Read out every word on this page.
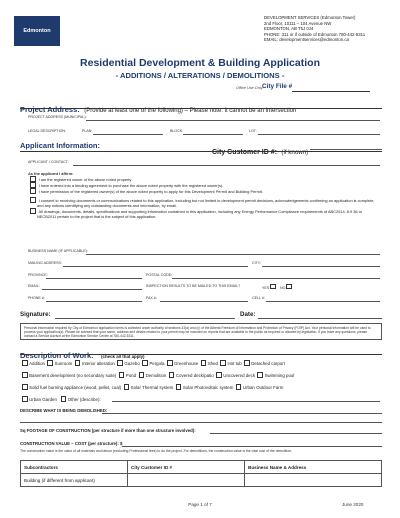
Edmonton
DEVELOPMENT SERVICES (Edmonton Tower)
2nd Floor, 10111 – 104 Avenue NW
EDMONTON, AB T5J 0J4
PHONE: 311 or if outside of Edmonton 780-442-5311
EMAIL: developmentservices@edmonton.ca
Residential Development & Building Application
- ADDITIONS / ALTERATIONS / DEMOLITIONS -
Office Use Only:
City File #
Project Address: (Provide at least one of the following) – Please note: it cannot be an intersection
PROJECT ADDRESS (MUNICIPAL):
LEGAL DESCRIPTION:	PLAN:	BLOCK:	LOT:
Applicant Information:
City Customer ID #: (if known)
APPLICANT / CONTACT:
As the applicant I affirm:
I am the registered owner of the above noted property
I have entered into a binding agreement to purchase the above noted property with the registered owner(s).
I have permission of the registered owner(s) of the above noted property to apply for this Development Permit and Building Permit.
I consent to receiving documents or communications related to this application, including but not limited to development permit decisions, acknowledgements confirming an application is complete, and any notices identifying any outstanding documents and information, by email.
All drawings, documents, details, specifications and supporting information contained in this application, including any Energy Performance Compliance requirements of ABC2014: 8.9.36 or NECB2011 pertain to the project that is the subject of this application.
BUSINESS NAME (IF APPLICABLE):
MAILING ADDRESS:	CITY:
PROVINCE:	POSTAL CODE:
EMAIL:	INSPECTION RESULTS TO BE MAILED TO THIS EMAIL?	YES	NO
PHONE #:	FAX #:	CELL #:
Signature:	Date:
Personal information required by City of Edmonton application forms is collected under authority of sections 33(a) and (c) of the Alberta Freedom of Information and Protection of Privacy (FOIP) Act. Your personal information will be used to process your application(s). Please be advised that your name, address and details related to your permit may be included on reports that are available to the public as required or allowed by legislation. If you have any questions, please contact a Service Advisor at the Edmonton Service Centre at 780-442-5311.
Description of Work: (check all that apply)
Addition Sunroom Interior alteration Gazebo Pergola Greenhouse Shed Hot tub Detached carport
Basement development (no secondary suite) Pond Demolition Covered deck/patio Uncovered deck Swimming pool
Solid fuel burning appliance (wood, pellet, coal) Solar Thermal system Solar Photovoltaic system Urban Outdoor Farm
Urban Garden Other (describe):
DESCRIBE WHAT IS BEING DEMOLISHED:
Sq FOOTAGE OF CONSTRUCTION (per structure if more than one structure involved):
CONSTRUCTION VALUE – COST (per structure): $
The construction value is the value of all materials and labour (excluding Professional fees) to do the project. For demolitions, the construction value is the total cost of the demolition.
Subcontractors	City Customer ID #	Business Name & Address
Building (if different from applicant)		
Page 1 of 7	June 2020
